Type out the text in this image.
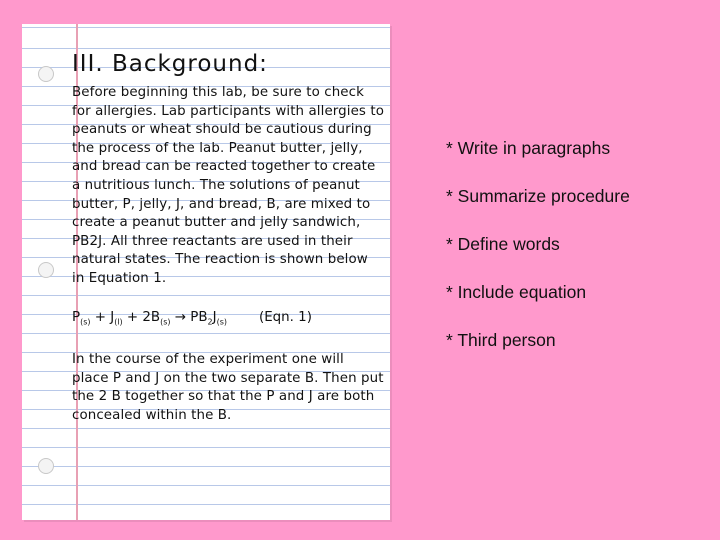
III. Background:

Before beginning this lab, be sure to check for allergies. Lab participants with allergies to peanuts or wheat should be cautious during the process of the lab. Peanut butter, jelly, and bread can be reacted together to create a nutritious lunch. The solutions of peanut butter, P, jelly, J, and bread, B, are mixed to create a peanut butter and jelly sandwich, PB2J. All three reactants are used in their natural states. The reaction is shown below in Equation 1.

$P_{(s)} + J_{(l)} + 2B_{(s)} \to PB_2J_{(s)}$ (Eqn. 1)

In the course of the experiment one will place P and J on the two separate B. Then put the 2 B together so that the P and J are both concealed within the B.

* Write in paragraphs
* Summarize procedure
* Define words
* Include equation
* Third person
